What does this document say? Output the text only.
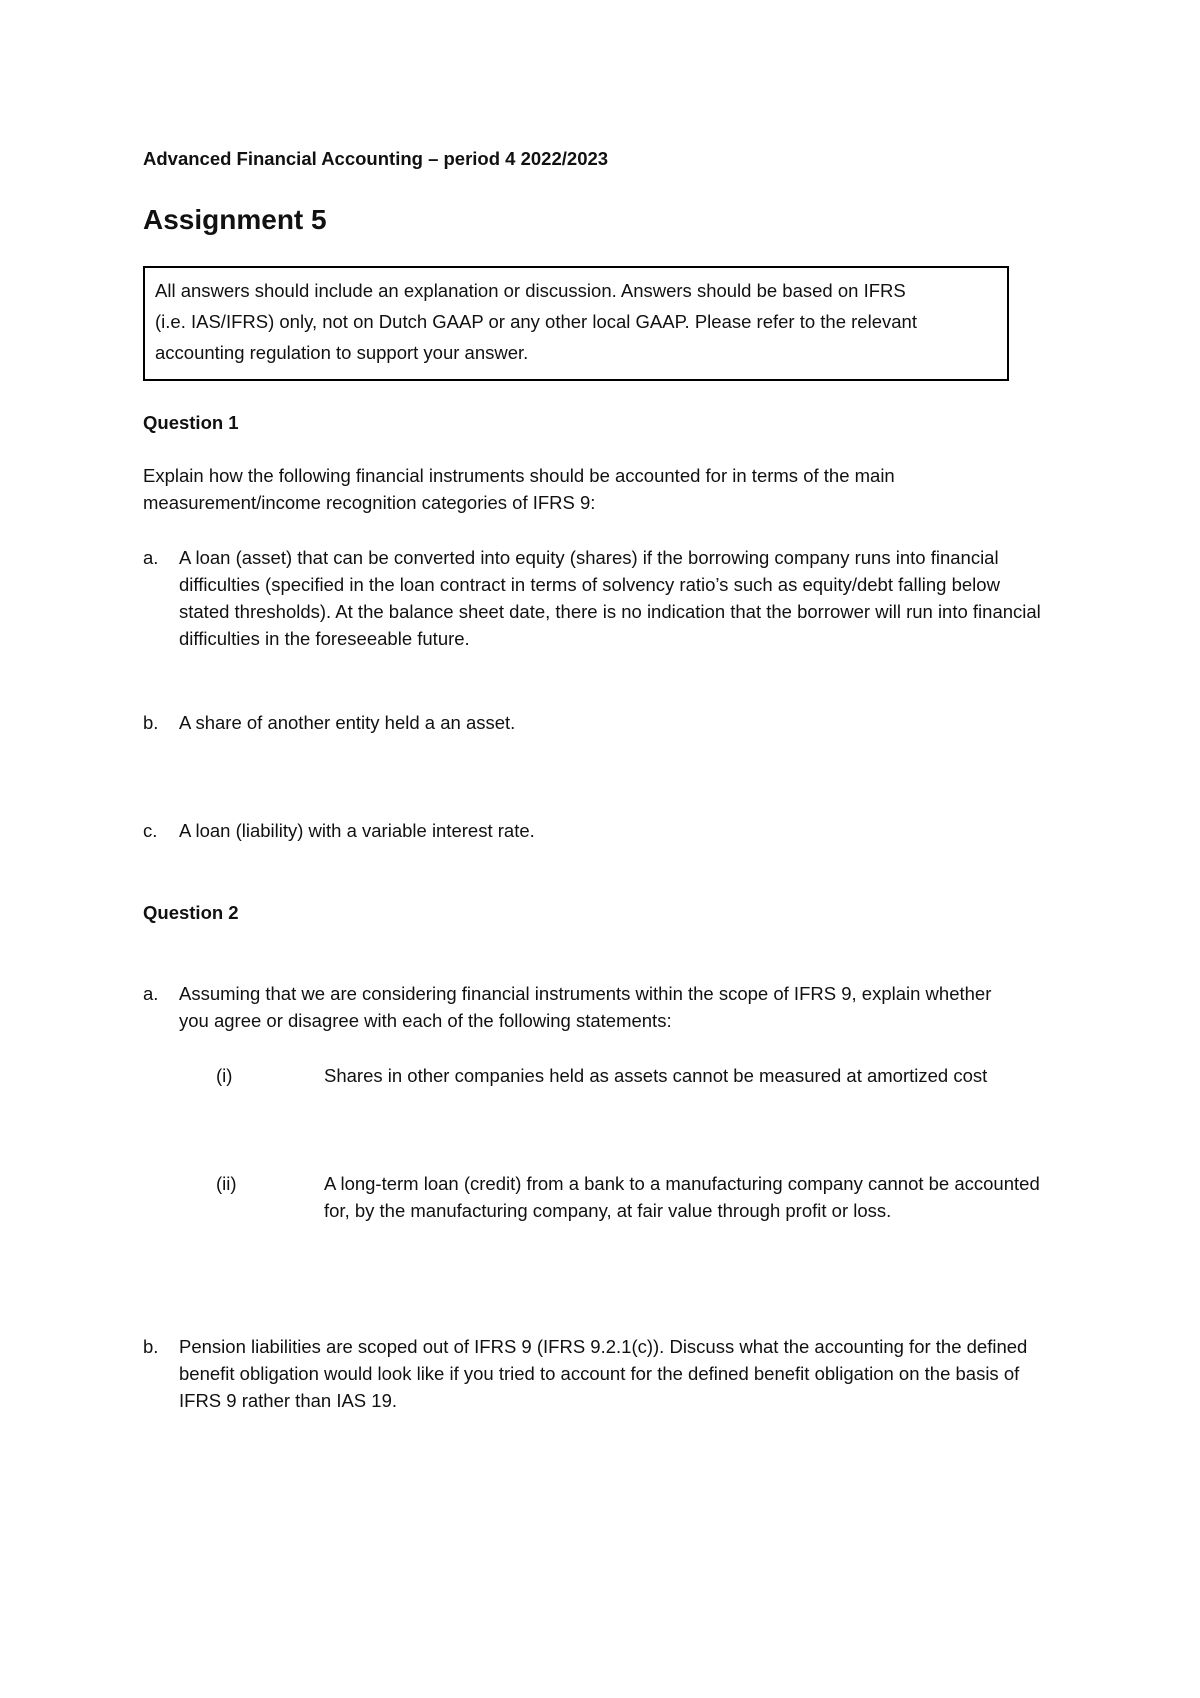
Advanced Financial Accounting – period 4 2022/2023
Assignment 5
All answers should include an explanation or discussion. Answers should be based on IFRS
(i.e. IAS/IFRS) only, not on Dutch GAAP or any other local GAAP. Please refer to the relevant
accounting regulation to support your answer.
Question 1
Explain how the following financial instruments should be accounted for in terms of the main measurement/income recognition categories of IFRS 9:
a.	A loan (asset) that can be converted into equity (shares) if the borrowing company runs into financial difficulties (specified in the loan contract in terms of solvency ratio’s such as equity/debt falling below stated thresholds). At the balance sheet date, there is no indication that the borrower will run into financial difficulties in the foreseeable future.
b.	A share of another entity held a an asset.
c.	A loan (liability) with a variable interest rate.
Question 2
a.	Assuming that we are considering financial instruments within the scope of IFRS 9, explain whether you agree or disagree with each of the following statements:
(i)	Shares in other companies held as assets cannot be measured at amortized cost
(ii)	A long-term loan (credit) from a bank to a manufacturing company cannot be accounted for, by the manufacturing company, at fair value through profit or loss.
b.	Pension liabilities are scoped out of IFRS 9 (IFRS 9.2.1(c)). Discuss what the accounting for the defined benefit obligation would look like if you tried to account for the defined benefit obligation on the basis of IFRS 9 rather than IAS 19.
